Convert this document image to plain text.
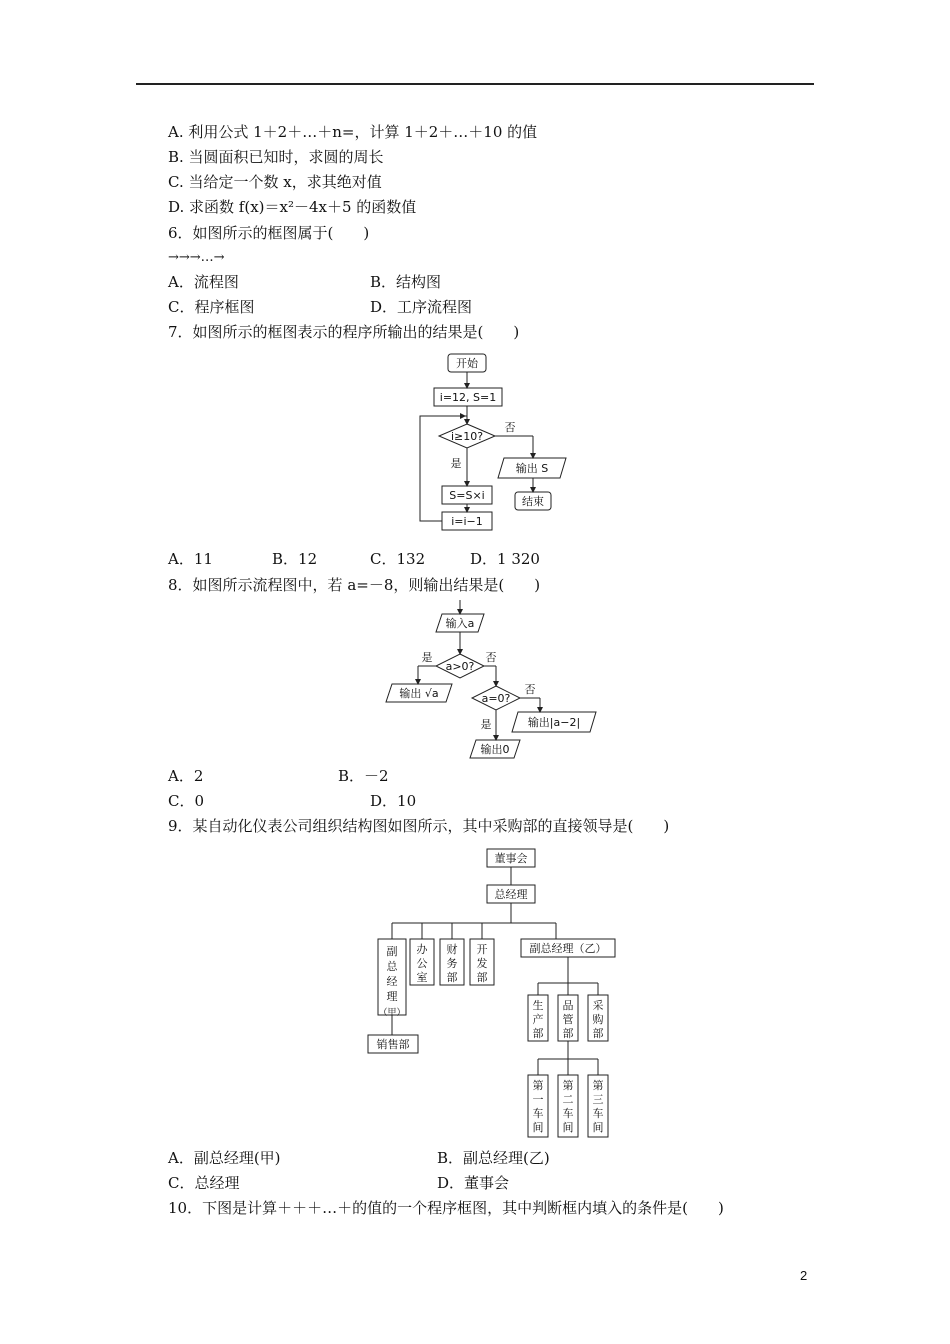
A. 利用公式 1＋2＋…＋n=，计算 1＋2＋…＋10 的值
B. 当圆面积已知时，求圆的周长
C. 当给定一个数 x，求其绝对值
D. 求函数 f(x)＝x²－4x＋5 的函数值
6．如图所示的框图属于(　　)
→→→…→
A．流程图	B．结构图
C．程序框图	D．工序流程图
7．如图所示的框图表示的程序所输出的结果是(　　)
开始
i=12, S=1
i≥10?
否
输出 S
结束
是
S=S×i
i=i−1
A．11	B．12	C．132	D．1 320
8．如图所示流程图中，若 a=－8，则输出结果是(　　)
输入a
a>0?
是	否
输出 √a	a=0?
否
是	输出|a−2|
输出0
A．2	B．－2
C．0	D．10
9．某自动化仪表公司组织结构图如图所示，其中采购部的直接领导是(　　)
董事会
总经理
副总经理（乙）
销售部
副总经理（甲）
办公室
财务部
开发部
生产部
品管部
采购部
第一车间
第二车间
第三车间
A．副总经理(甲)	B．副总经理(乙)
C．总经理	D．董事会
10．下图是计算＋＋＋…＋的值的一个程序框图，其中判断框内填入的条件是(　　)
2
